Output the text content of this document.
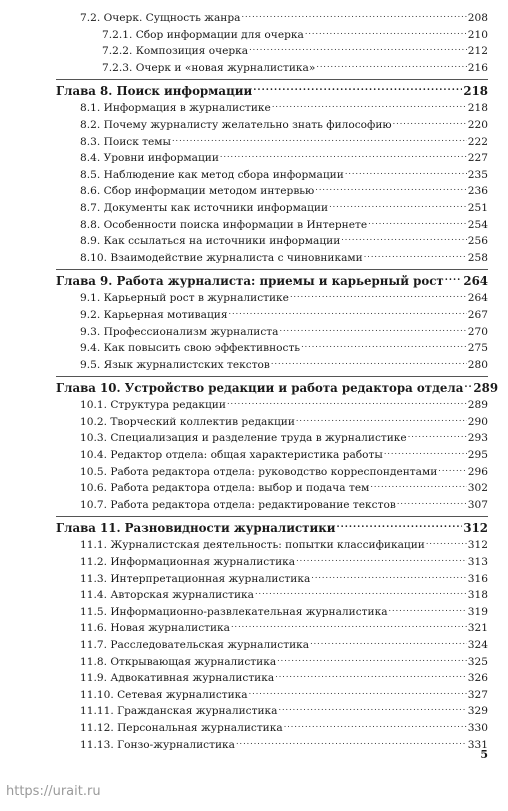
7.2. Очерк. Сущность жанра .....	208
7.2.1. Сбор информации для очерка .....	210
7.2.2. Композиция очерка .....	212
7.2.3. Очерк и «новая журналистика» .....	216
Глава 8. Поиск информации .....	218
8.1. Информация в журналистике .....	218
8.2. Почему журналисту желательно знать философию .....	220
8.3. Поиск темы .....	222
8.4. Уровни информации .....	227
8.5. Наблюдение как метод сбора информации .....	235
8.6. Сбор информации методом интервью .....	236
8.7. Документы как источники информации .....	251
8.8. Особенности поиска информации в Интернете .....	254
8.9. Как ссылаться на источники информации .....	256
8.10. Взаимодействие журналиста с чиновниками .....	258
Глава 9. Работа журналиста: приемы и карьерный рост ..... 264
9.1. Карьерный рост в журналистике .....	264
9.2. Карьерная мотивация .....	267
9.3. Профессионализм журналиста .....	270
9.4. Как повысить свою эффективность .....	275
9.5. Язык журналистских текстов .....	280
Глава 10. Устройство редакции и работа редактора отдела ..... 289
10.1. Структура редакции .....	289
10.2. Творческий коллектив редакции .....	290
10.3. Специализация и разделение труда в журналистике .....	293
10.4. Редактор отдела: общая характеристика работы .....	295
10.5. Работа редактора отдела: руководство корреспондентами .....	296
10.6. Работа редактора отдела: выбор и подача тем .....	302
10.7. Работа редактора отдела: редактирование текстов .....	307
Глава 11. Разновидности журналистики .....	312
11.1. Журналистская деятельность: попытки классификации .....	312
11.2. Информационная журналистика .....	313
11.3. Интерпретационная журналистика .....	316
11.4. Авторская журналистика .....	318
11.5. Информационно-развлекательная журналистика .....	319
11.6. Новая журналистика .....	321
11.7. Расследовательская журналистика .....	324
11.8. Открывающая журналистика .....	325
11.9. Адвокативная журналистика .....	326
11.10. Сетевая журналистика .....	327
11.11. Гражданская журналистика .....	329
11.12. Персональная журналистика .....	330
11.13. Гонзо-журналистика .....	331
5
https://urait.ru
